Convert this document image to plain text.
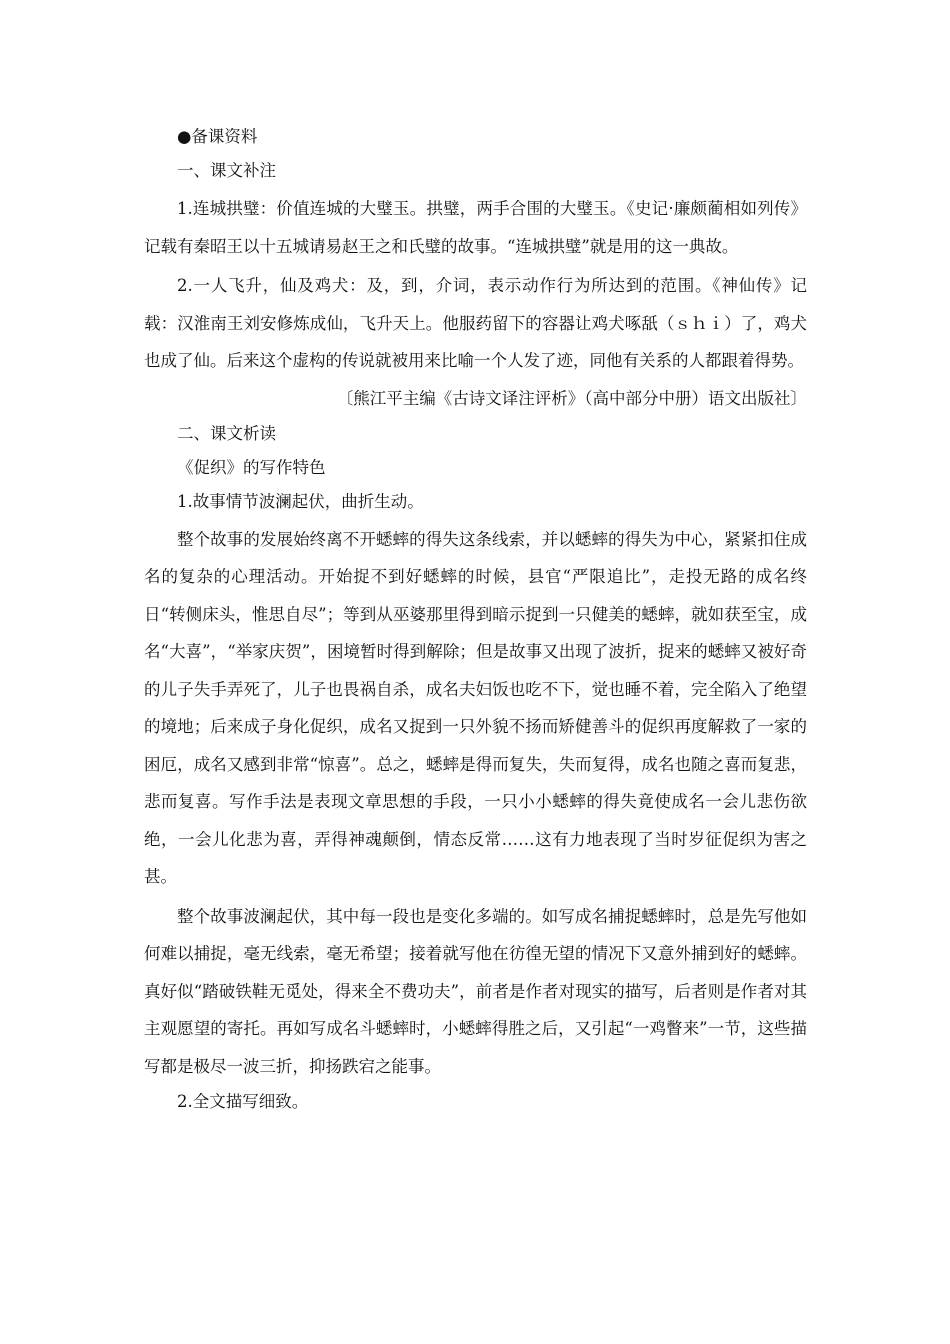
●备课资料
一、课文补注

1.连城拱璧：价值连城的大璧玉。拱璧，两手合围的大璧玉。《史记·廉颇蔺相如列传》记载有秦昭王以十五城请易赵王之和氏璧的故事。“连城拱璧”就是用的这一典故。

2.一人飞升，仙及鸡犬：及，到，介词，表示动作行为所达到的范围。《神仙传》记载：汉淮南王刘安修炼成仙，飞升天上。他服药留下的容器让鸡犬啄舐（ｓｈｉ）了，鸡犬也成了仙。后来这个虚构的传说就被用来比喻一个人发了迹，同他有关系的人都跟着得势。

〔熊江平主编《古诗文译注评析》（高中部分中册）语文出版社〕
二、课文析读
《促织》的写作特色
1.故事情节波澜起伏，曲折生动。

整个故事的发展始终离不开蟋蟀的得失这条线索，并以蟋蟀的得失为中心，紧紧扣住成名的复杂的心理活动。开始捉不到好蟋蟀的时候，县官“严限追比”，走投无路的成名终日“转侧床头，惟思自尽”；等到从巫婆那里得到暗示捉到一只健美的蟋蟀，就如获至宝，成名“大喜”，“举家庆贺”，困境暂时得到解除；但是故事又出现了波折，捉来的蟋蟀又被好奇的儿子失手弄死了，儿子也畏祸自杀，成名夫妇饭也吃不下，觉也睡不着，完全陷入了绝望的境地；后来成子身化促织，成名又捉到一只外貌不扬而矫健善斗的促织再度解救了一家的困厄，成名又感到非常“惊喜”。总之，蟋蟀是得而复失，失而复得，成名也随之喜而复悲，悲而复喜。写作手法是表现文章思想的手段，一只小小蟋蟀的得失竟使成名一会儿悲伤欲绝，一会儿化悲为喜，弄得神魂颠倒，情态反常……这有力地表现了当时岁征促织为害之甚。

整个故事波澜起伏，其中每一段也是变化多端的。如写成名捕捉蟋蟀时，总是先写他如何难以捕捉，毫无线索，毫无希望；接着就写他在彷徨无望的情况下又意外捕到好的蟋蟀。真好似“踏破铁鞋无觅处，得来全不费功夫”，前者是作者对现实的描写，后者则是作者对其主观愿望的寄托。再如写成名斗蟋蟀时，小蟋蟀得胜之后，又引起“一鸡瞥来”一节，这些描写都是极尽一波三折，抑扬跌宕之能事。

2.全文描写细致。
